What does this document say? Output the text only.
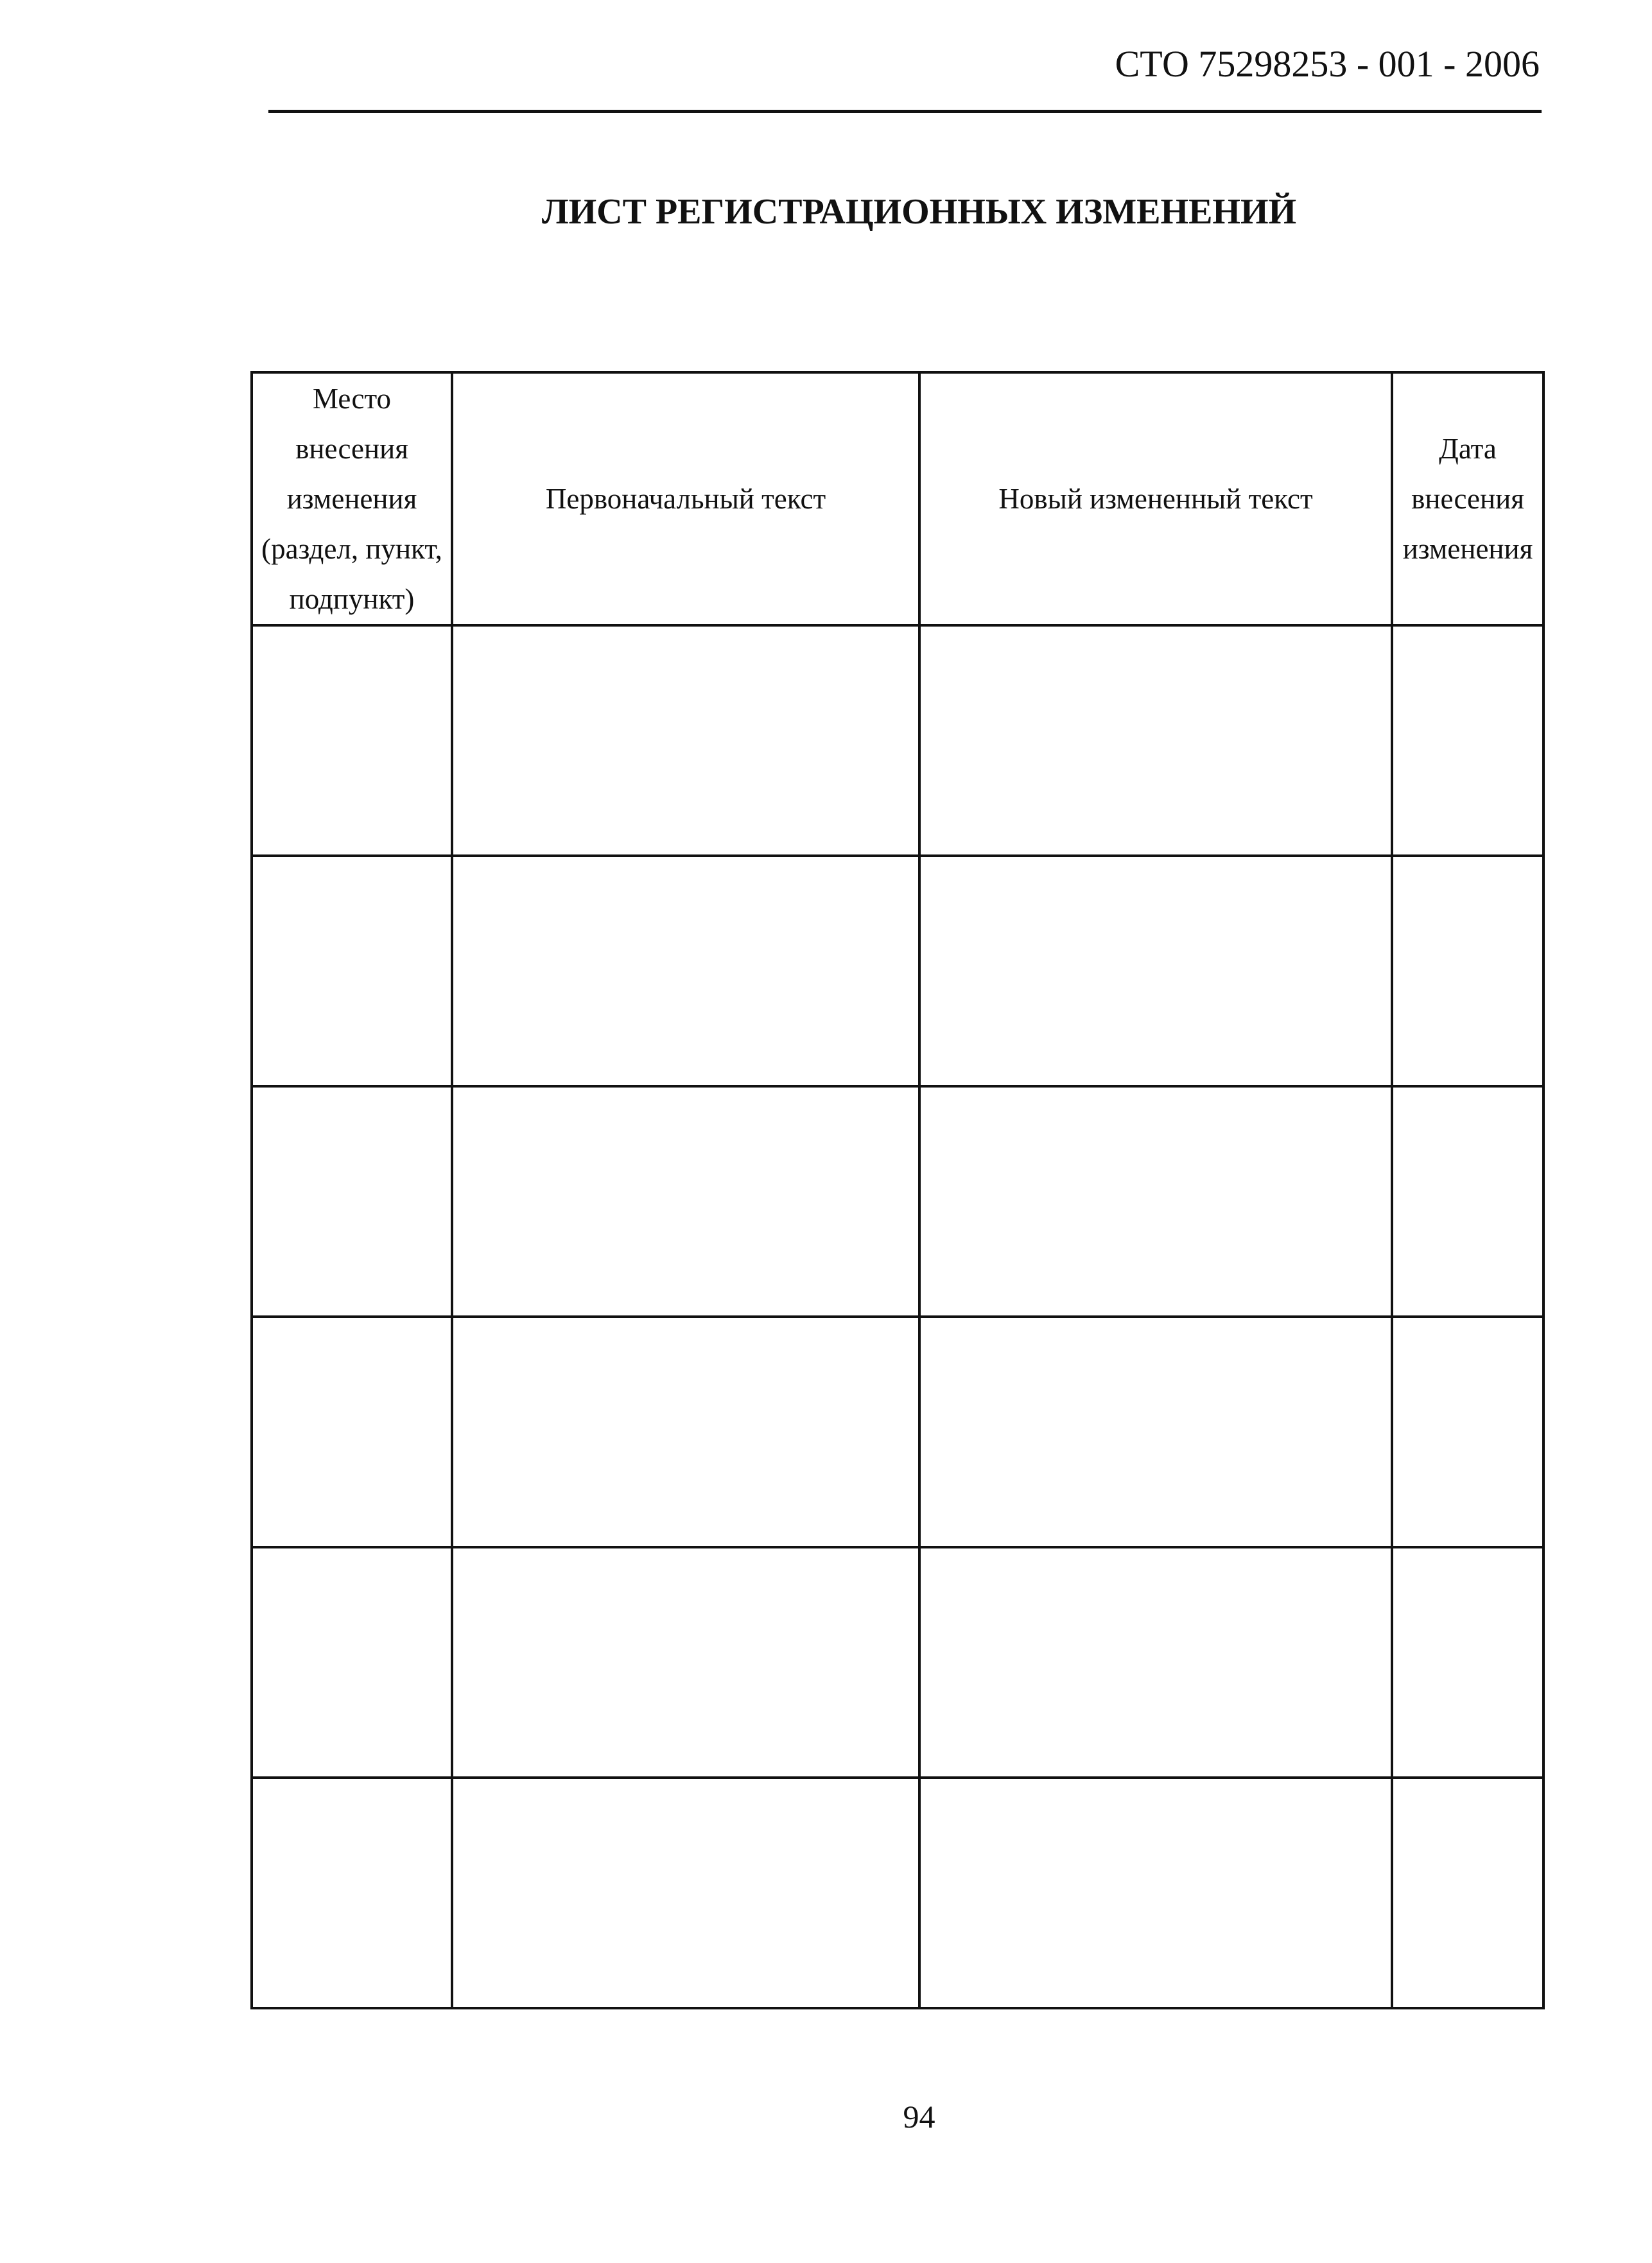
СТО 75298253 - 001 - 2006
ЛИСТ РЕГИСТРАЦИОННЫХ ИЗМЕНЕНИЙ
Место внесения изменения (раздел, пункт, подпункт)	Первоначальный текст	Новый измененный текст	Дата внесения изменения

94
